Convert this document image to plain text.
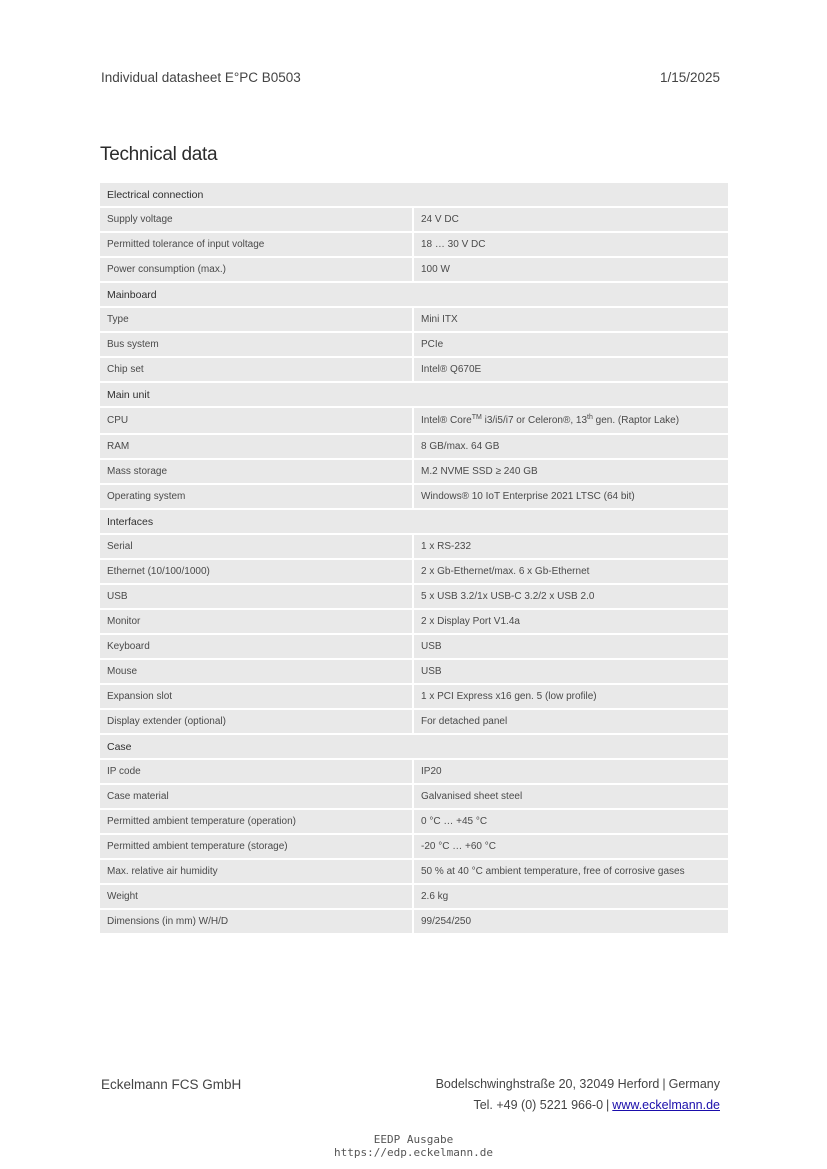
Individual datasheet E°PC B0503	1/15/2025
Technical data
Electrical connection	
Supply voltage	24 V DC
Permitted tolerance of input voltage	18 … 30 V DC
Power consumption (max.)	100 W
Mainboard	
Type	Mini ITX
Bus system	PCIe
Chip set	Intel® Q670E
Main unit	
CPU	Intel® Core™ i3/i5/i7 or Celeron®, 13th gen. (Raptor Lake)
RAM	8 GB/max. 64 GB
Mass storage	M.2 NVME SSD ≥ 240 GB
Operating system	Windows® 10 IoT Enterprise 2021 LTSC (64 bit)
Interfaces	
Serial	1 x RS-232
Ethernet (10/100/1000)	2 x Gb-Ethernet/max. 6 x Gb-Ethernet
USB	5 x USB 3.2/1x USB-C 3.2/2 x USB 2.0
Monitor	2 x Display Port V1.4a
Keyboard	USB
Mouse	USB
Expansion slot	1 x PCI Express x16 gen. 5 (low profile)
Display extender (optional)	For detached panel
Case	
IP code	IP20
Case material	Galvanised sheet steel
Permitted ambient temperature (operation)	0 °C … +45 °C
Permitted ambient temperature (storage)	-20 °C … +60 °C
Max. relative air humidity	50 % at 40 °C ambient temperature, free of corrosive gases
Weight	2.6 kg
Dimensions (in mm) W/H/D	99/254/250
Eckelmann FCS GmbH	Bodelschwinghstraße 20, 32049 Herford | Germany
Tel. +49 (0) 5221 966-0 | www.eckelmann.de
EEDP Ausgabe
https://edp.eckelmann.de
